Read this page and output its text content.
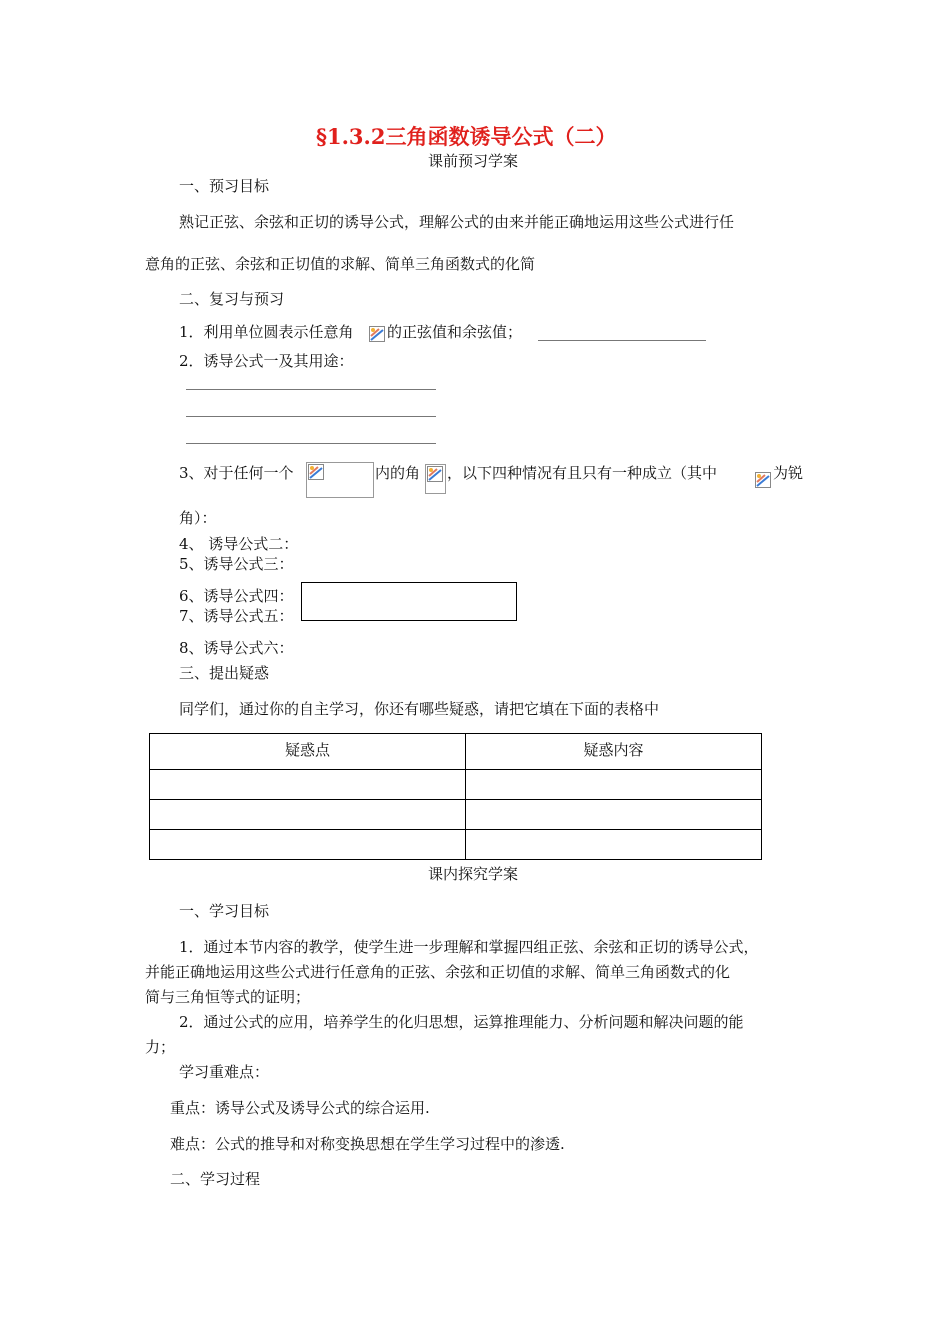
§1.3.2三角函数诱导公式（二）
课前预习学案
一、预习目标
熟记正弦、余弦和正切的诱导公式，理解公式的由来并能正确地运用这些公式进行任
意角的正弦、余弦和正切值的求解、简单三角函数式的化简
二、复习与预习
1．利用单位圆表示任意角 的正弦值和余弦值；
2．诱导公式一及其用途：
3、对于任何一个	内的角 ，以下四种情况有且只有一种成立（其中	为锐
角）：
4、 诱导公式二：
5、诱导公式三：
6、诱导公式四：
7、诱导公式五：
8、诱导公式六：
三、提出疑惑
同学们，通过你的自主学习，你还有哪些疑惑，请把它填在下面的表格中
疑惑点	疑惑内容

课内探究学案
一、学习目标
1．通过本节内容的教学，使学生进一步理解和掌握四组正弦、余弦和正切的诱导公式，
并能正确地运用这些公式进行任意角的正弦、余弦和正切值的求解、简单三角函数式的化
简与三角恒等式的证明；
2．通过公式的应用，培养学生的化归思想，运算推理能力、分析问题和解决问题的能
力；
学习重难点：
重点：诱导公式及诱导公式的综合运用.
难点：公式的推导和对称变换思想在学生学习过程中的渗透.
二、学习过程
